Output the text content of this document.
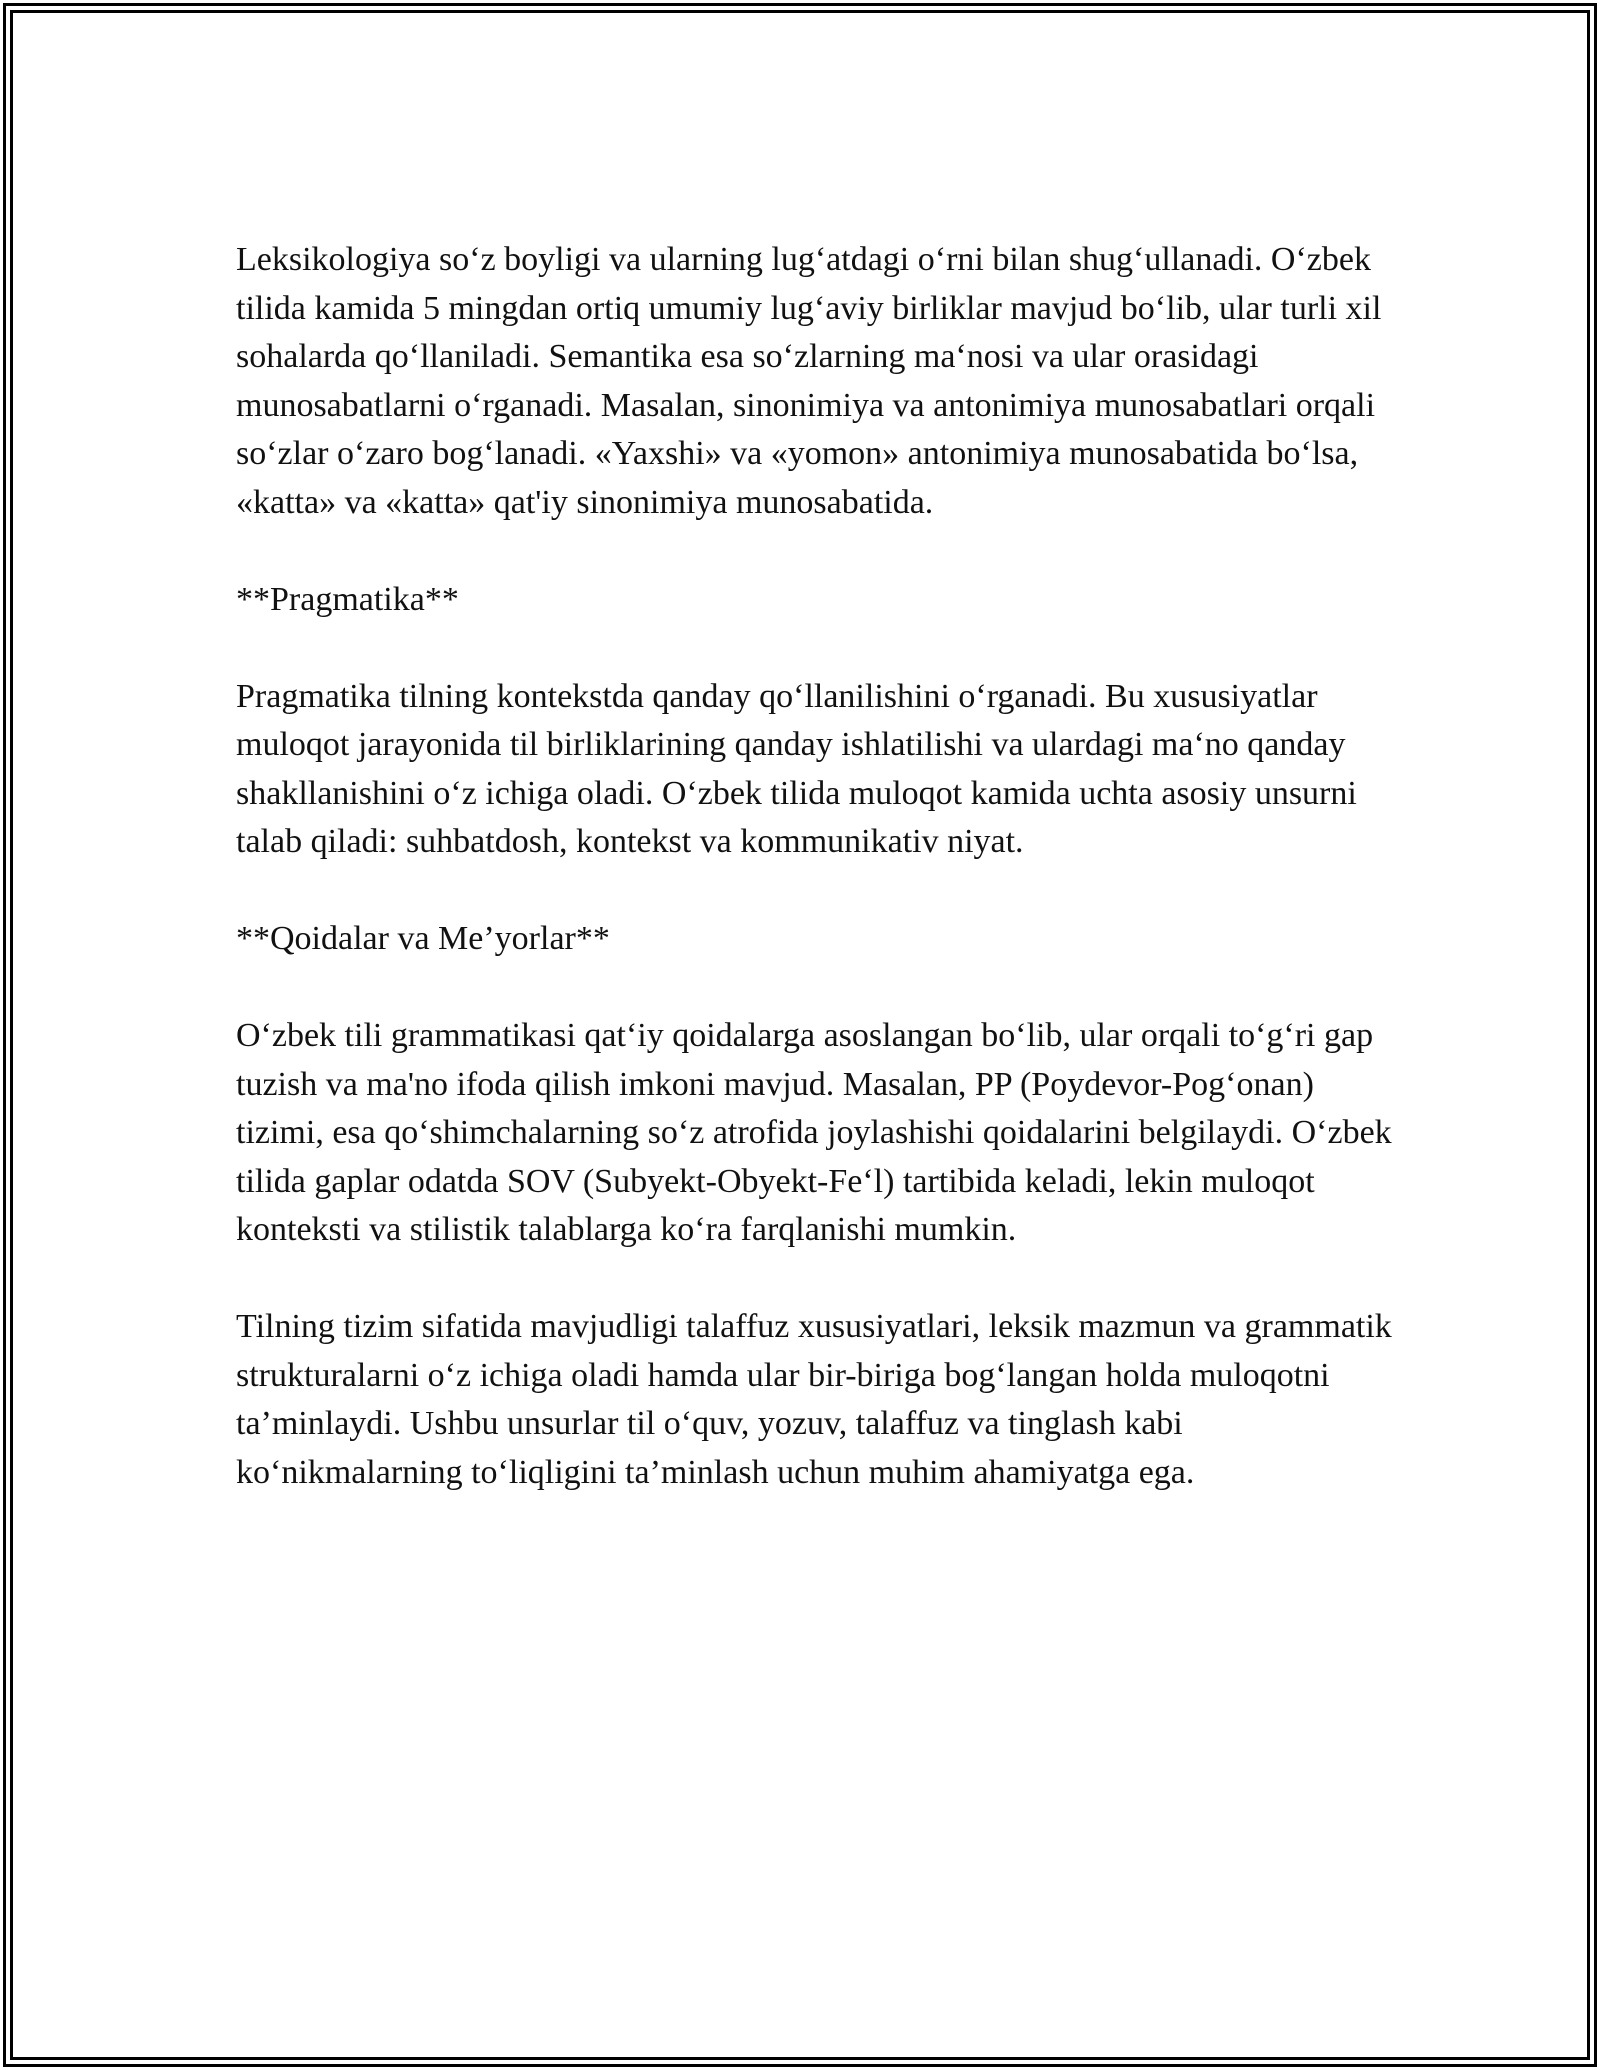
Leksikologiya so‘z boyligi va ularning lug‘atdagi o‘rni bilan shug‘ullanadi. O‘zbek tilida kamida 5 mingdan ortiq umumiy lug‘aviy birliklar mavjud bo‘lib, ular turli xil sohalarda qo‘llaniladi. Semantika esa so‘zlarning ma‘nosi va ular orasidagi munosabatlarni o‘rganadi. Masalan, sinonimiya va antonimiya munosabatlari orqali so‘zlar o‘zaro bog‘lanadi. «Yaxshi» va «yomon» antonimiya munosabatida bo‘lsa, «katta» va «katta» qat'iy sinonimiya munosabatida.

**Pragmatika**

Pragmatika tilning kontekstda qanday qo‘llanilishini o‘rganadi. Bu xususiyatlar muloqot jarayonida til birliklarining qanday ishlatilishi va ulardagi ma‘no qanday shakllanishini o‘z ichiga oladi. O‘zbek tilida muloqot kamida uchta asosiy unsurni talab qiladi: suhbatdosh, kontekst va kommunikativ niyat.

**Qoidalar va Me’yorlar**

O‘zbek tili grammatikasi qat‘iy qoidalarga asoslangan bo‘lib, ular orqali to‘g‘ri gap tuzish va ma'no ifoda qilish imkoni mavjud. Masalan, PP (Poydevor-Pog‘onan) tizimi, esa qo‘shimchalarning so‘z atrofida joylashishi qoidalarini belgilaydi. O‘zbek tilida gaplar odatda SOV (Subyekt-Obyekt-Fe‘l) tartibida keladi, lekin muloqot konteksti va stilistik talablarga ko‘ra farqlanishi mumkin.

Tilning tizim sifatida mavjudligi talaffuz xususiyatlari, leksik mazmun va grammatik strukturalarni o‘z ichiga oladi hamda ular bir-biriga bog‘langan holda muloqotni ta’minlaydi. Ushbu unsurlar til o‘quv, yozuv, talaffuz va tinglash kabi ko‘nikmalarning to‘liqligini ta’minlash uchun muhim ahamiyatga ega.
